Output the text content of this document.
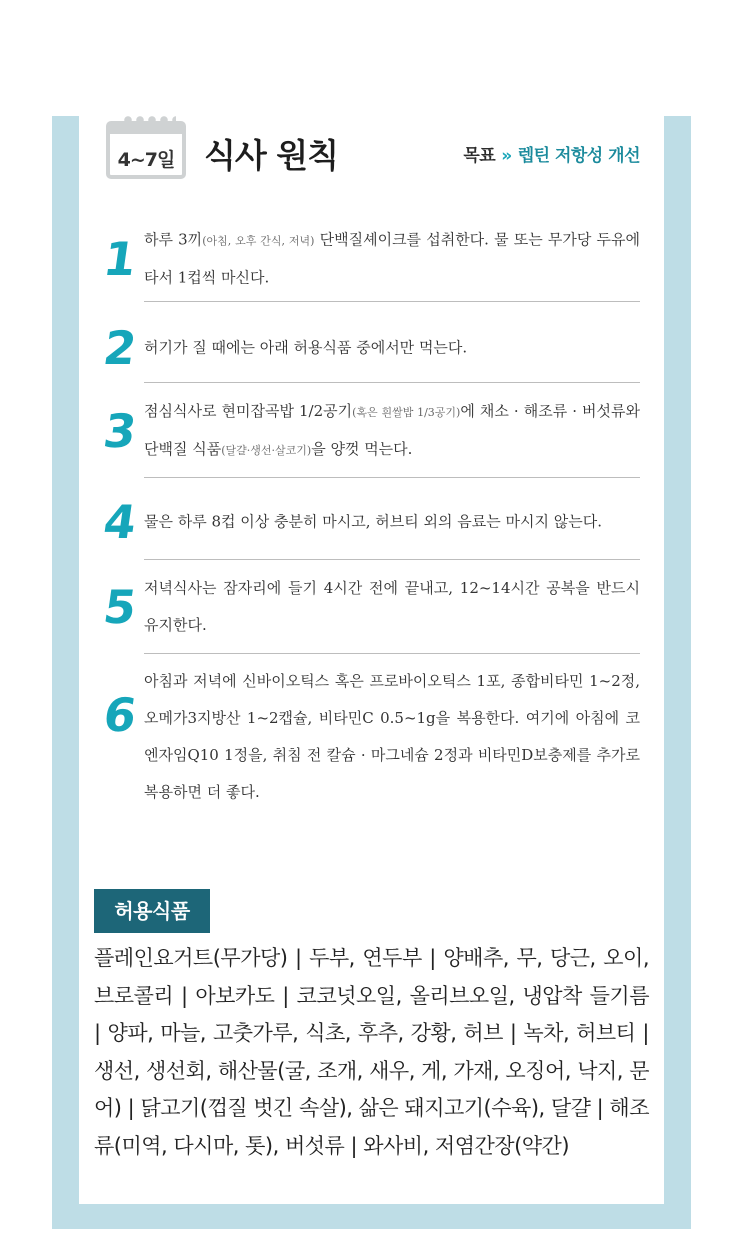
4~7일 식사 원칙	목표 » 렙틴 저항성 개선
1 하루 3끼(아침, 오후 간식, 저녁) 단백질셰이크를 섭취한다. 물 또는 무가당 두유에 타서 1컵씩 마신다.
2 허기가 질 때에는 아래 허용식품 중에서만 먹는다.
3 점심식사로 현미잡곡밥 1/2공기(혹은 흰쌀밥 1/3공기)에 채소 · 해조류 · 버섯류와 단백질 식품(달걀·생선·살코기)을 양껏 먹는다.
4 물은 하루 8컵 이상 충분히 마시고, 허브티 외의 음료는 마시지 않는다.
5 저녁식사는 잠자리에 들기 4시간 전에 끝내고, 12~14시간 공복을 반드시 유지한다.
6
아침과 저녁에 신바이오틱스 혹은 프로바이오틱스 1포, 종합비타민 1~2정, 오메가3지방산 1~2캡슐, 비타민C 0.5~1g을 복용한다. 여기에 아침에 코엔자임Q10 1정을, 취침 전 칼슘 · 마그네슘 2정과 비타민D보충제를 추가로 복용하면 더 좋다.
허용식품
플레인요거트(무가당) | 두부, 연두부 | 양배추, 무, 당근, 오이, 브로콜리 | 아보카도 | 코코넛오일, 올리브오일, 냉압착 들기름 | 양파, 마늘, 고춧가루, 식초, 후추, 강황, 허브 | 녹차, 허브티 | 생선, 생선회, 해산물(굴, 조개, 새우, 게, 가재, 오징어, 낙지, 문어) | 닭고기(껍질 벗긴 속살), 삶은 돼지고기(수육), 달걀 | 해조류(미역, 다시마, 톳), 버섯류 | 와사비, 저염간장(약간)
